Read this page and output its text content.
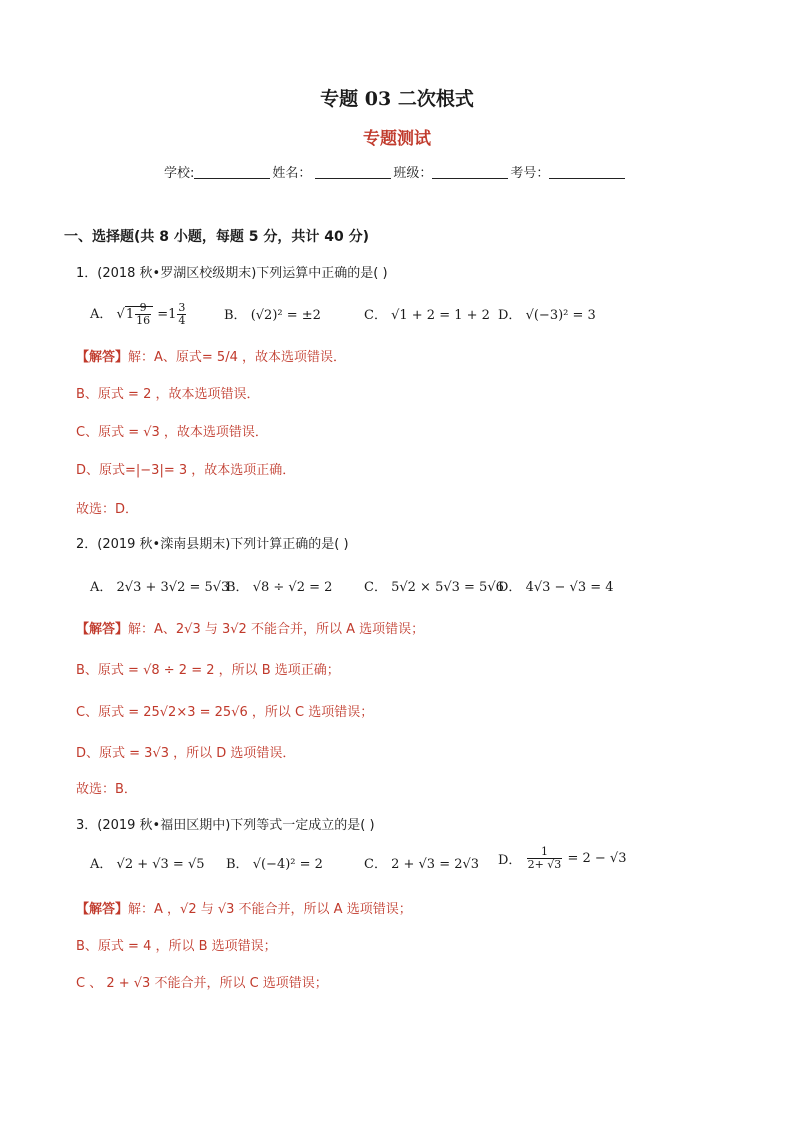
专题 03 二次根式
专题测试
学校:	姓名：	班级：	考号：
一、选择题(共 8 小题，每题 5 分，共计 40 分)
1．(2018 秋•罗湖区校级期末)下列运算中正确的是( )
A． $√1 \frac{9}{16} =1 \frac{3}{4}$	B． (√2)² = ±2	C． √1 + 2 = 1 + 2 D． √(−3)² = 3
【解答】解：A、原式= 5/4 ，故本选项错误．
B、原式 = 2 ，故本选项错误．
C、原式 = √3 ，故本选项错误．
D、原式=|−3|= 3 ，故本选项正确．
故选：D．
2．(2019 秋•滦南县期末)下列计算正确的是( )
A． 2√3 + 3√2 = 5√3
B． √8 ÷ √2 = 2 C． 5√2 × 5√3 = 5√6
D． 4√3 − √3 = 4
【解答】解：A、2√3 与 3√2 不能合并，所以 A 选项错误；
B、原式 = √8 ÷ 2 = 2 ，所以 B 选项正确；
C、原式 = 25√2×3 = 25√6 ，所以 C 选项错误；
D、原式 = 3√3 ，所以 D 选项错误．
故选：B．
3．(2019 秋•福田区期中)下列等式一定成立的是( )
A． √2 + √3 = √5 B． √(−4)² = 2	C． 2 + √3 = 2√3 D． $\frac{1}{2+ √3} = 2 - √3$
【解答】解：A ，√2 与 √3 不能合并，所以 A 选项错误；
B、原式 = 4 ，所以 B 选项错误；
C 、 2 + √3 不能合并，所以 C 选项错误；
